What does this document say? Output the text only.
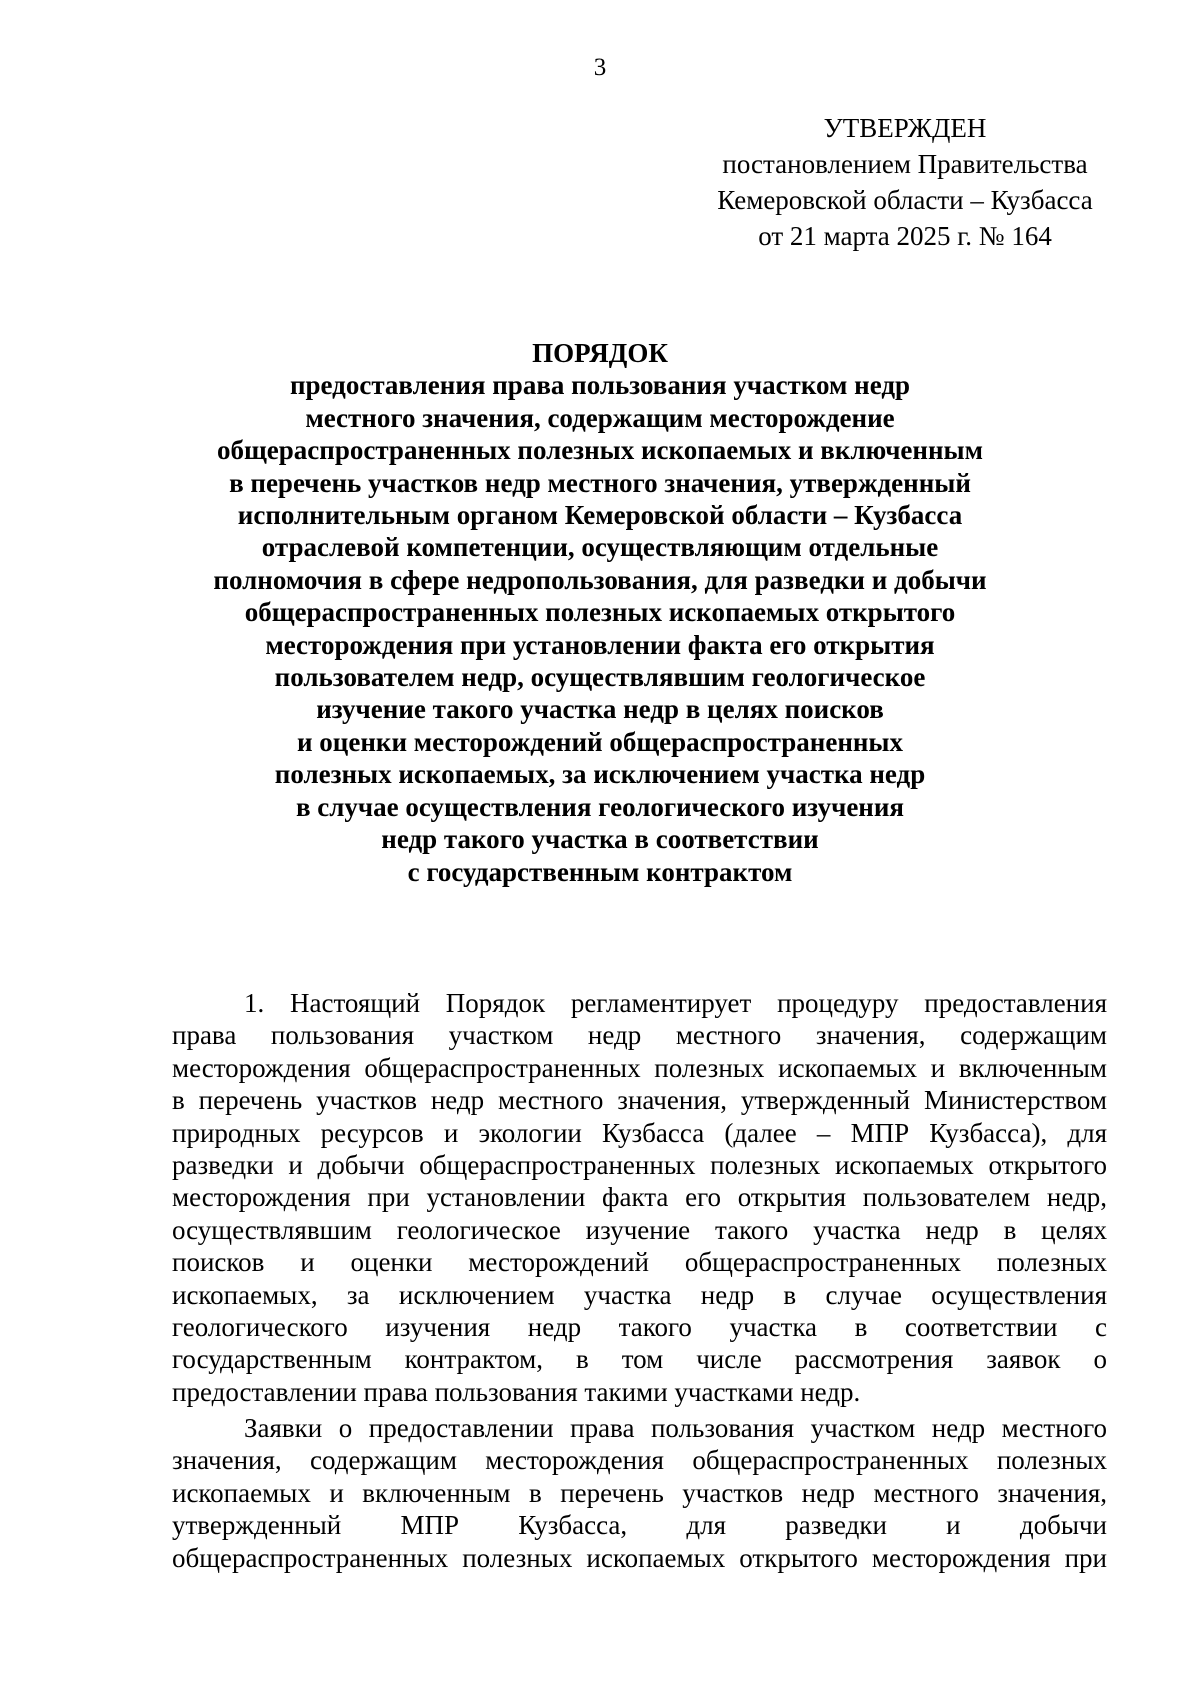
3
УТВЕРЖДЕН
постановлением Правительства
Кемеровской области – Кузбасса
от 21 марта 2025 г. № 164
ПОРЯДОК
предоставления права пользования участком недр
местного значения, содержащим месторождение
общераспространенных полезных ископаемых и включенным
в перечень участков недр местного значения, утвержденный
исполнительным органом Кемеровской области – Кузбасса
отраслевой компетенции, осуществляющим отдельные
полномочия в сфере недропользования, для разведки и добычи
общераспространенных полезных ископаемых открытого
месторождения при установлении факта его открытия
пользователем недр, осуществлявшим геологическое
изучение такого участка недр в целях поисков
и оценки месторождений общераспространенных
полезных ископаемых, за исключением участка недр
в случае осуществления геологического изучения
недр такого участка в соответствии
с государственным контрактом
1. Настоящий Порядок регламентирует процедуру предоставления
права пользования участком недр местного значения, содержащим
месторождения общераспространенных полезных ископаемых и включенным
в перечень участков недр местного значения, утвержденный Министерством
природных ресурсов и экологии Кузбасса (далее – МПР Кузбасса), для
разведки и добычи общераспространенных полезных ископаемых открытого
месторождения при установлении факта его открытия пользователем недр,
осуществлявшим геологическое изучение такого участка недр в целях
поисков и оценки месторождений общераспространенных полезных
ископаемых, за исключением участка недр в случае осуществления
геологического изучения недр такого участка в соответствии с
государственным контрактом, в том числе рассмотрения заявок о
предоставлении права пользования такими участками недр.
Заявки о предоставлении права пользования участком недр местного
значения, содержащим месторождения общераспространенных полезных
ископаемых и включенным в перечень участков недр местного значения,
утвержденный МПР Кузбасса, для разведки и добычи
общераспространенных полезных ископаемых открытого месторождения при
